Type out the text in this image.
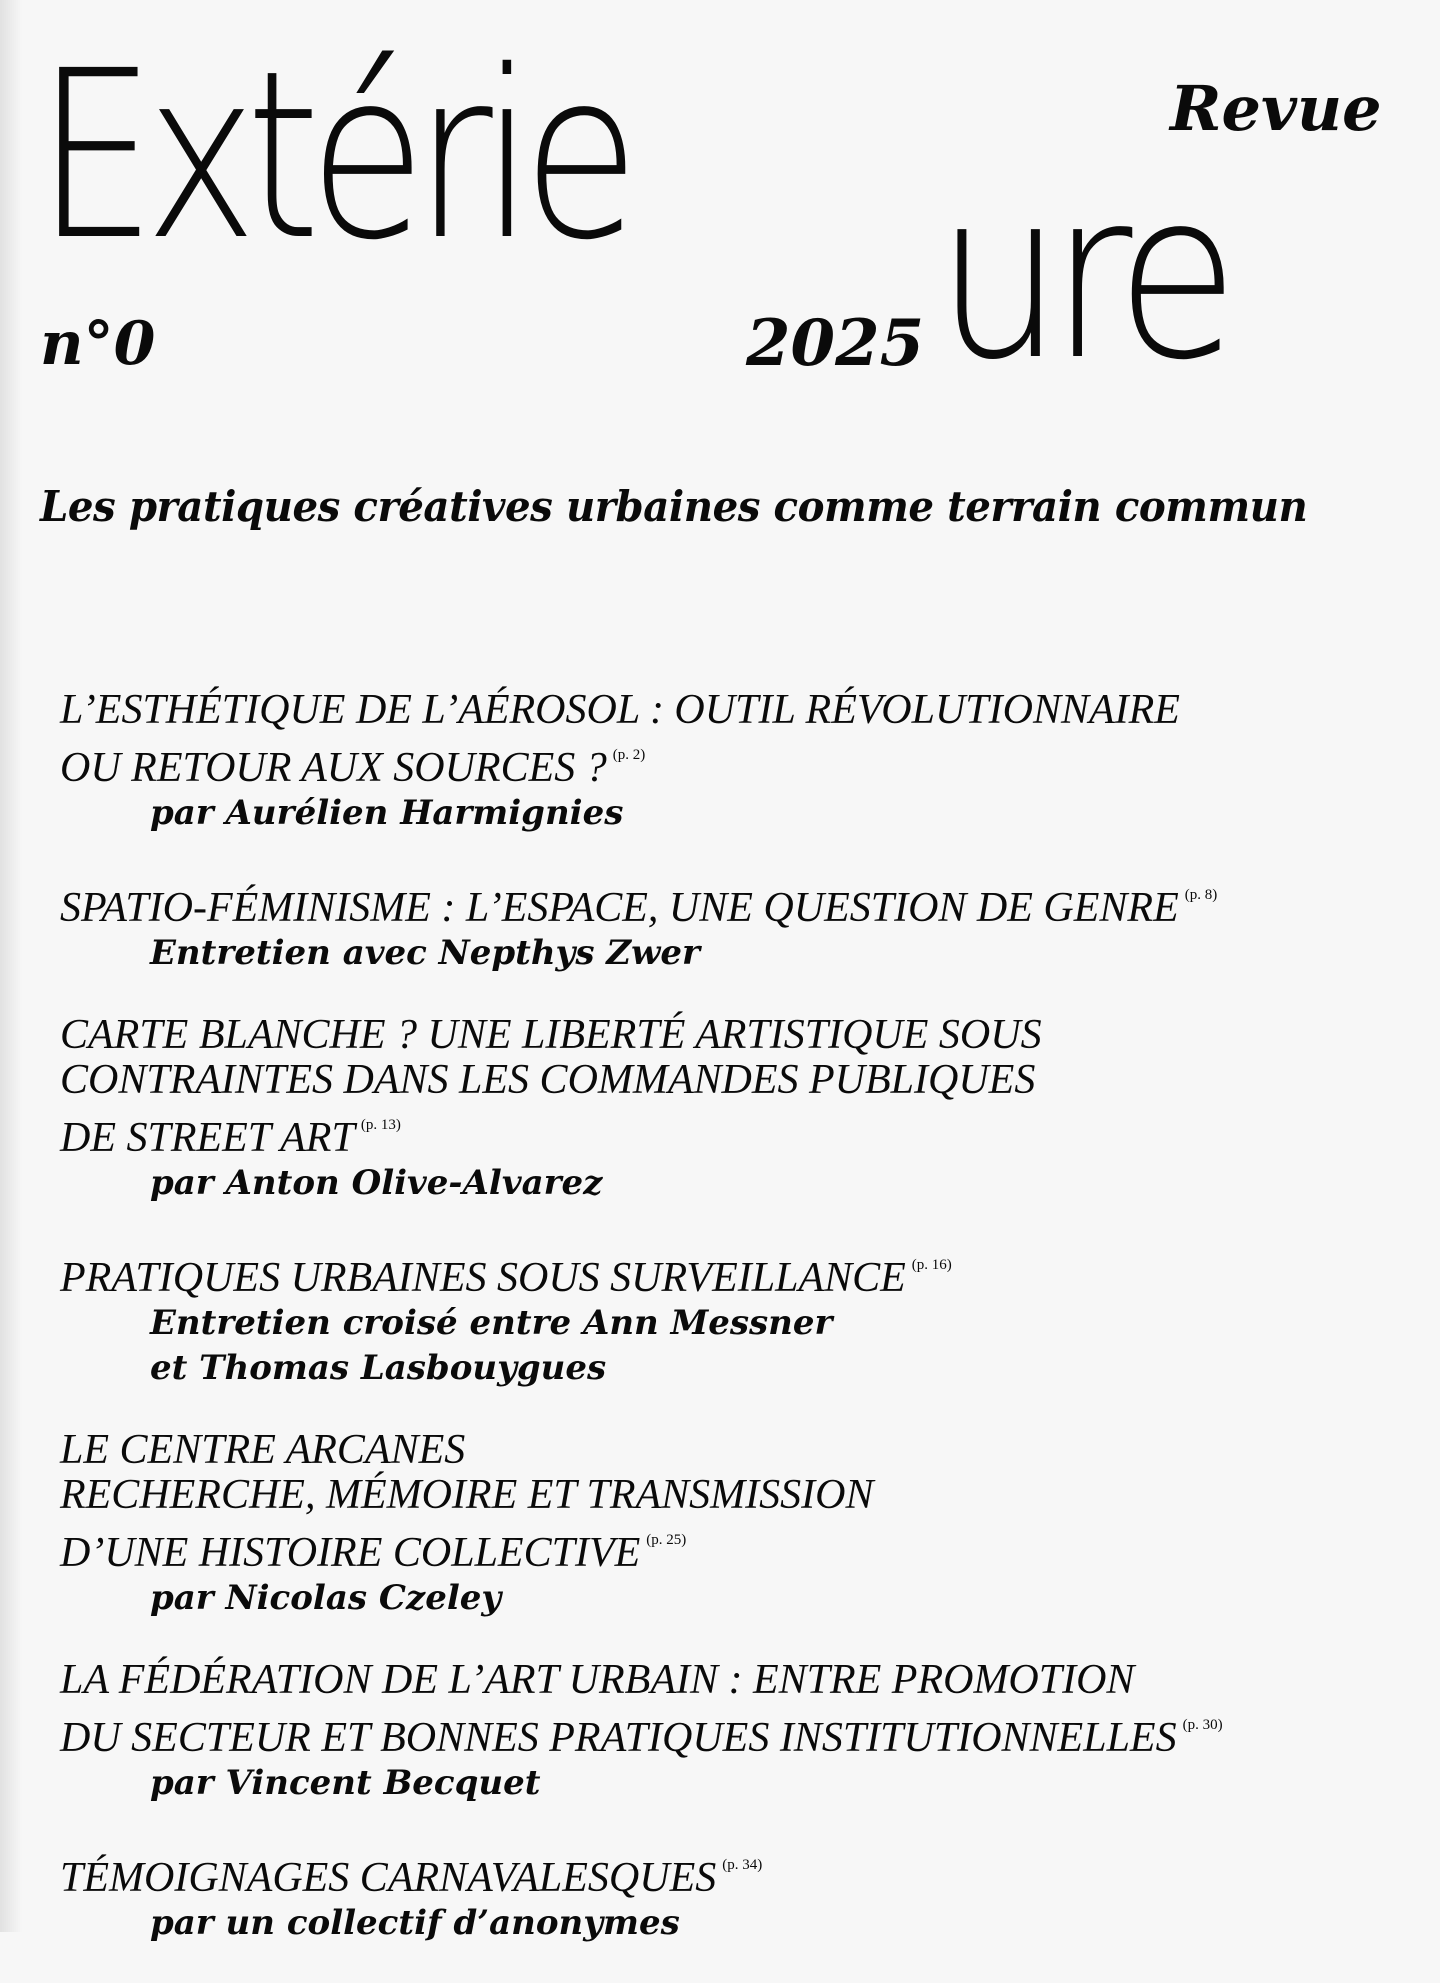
Extérie ure
Revue
n°0	2025
Les pratiques créatives urbaines comme terrain commun

L’ESTHÉTIQUE DE L’AÉROSOL : OUTIL RÉVOLUTIONNAIRE
OU RETOUR AUX SOURCES ? $^{(p. 2)}$

par Aurélien Harmignies

SPATIO-FÉMINISME : L’ESPACE, UNE QUESTION DE GENRE $^{(p. 8)}$

Entretien avec Nepthys Zwer

CARTE BLANCHE ? UNE LIBERTÉ ARTISTIQUE SOUS
CONTRAINTES DANS LES COMMANDES PUBLIQUES
DE STREET ART $^{(p. 13)}$

par Anton Olive-Alvarez

PRATIQUES URBAINES SOUS SURVEILLANCE $^{(p. 16)}$

Entretien croisé entre Ann Messner
et Thomas Lasbouygues

LE CENTRE ARCANES
RECHERCHE, MÉMOIRE ET TRANSMISSION
D’UNE HISTOIRE COLLECTIVE $^{(p. 25)}$

par Nicolas Czeley

LA FÉDÉRATION DE L’ART URBAIN : ENTRE PROMOTION
DU SECTEUR ET BONNES PRATIQUES INSTITUTIONNELLES $^{(p. 30)}$

par Vincent Becquet

TÉMOIGNAGES CARNAVALESQUES $^{(p. 34)}$

par un collectif d’anonymes
